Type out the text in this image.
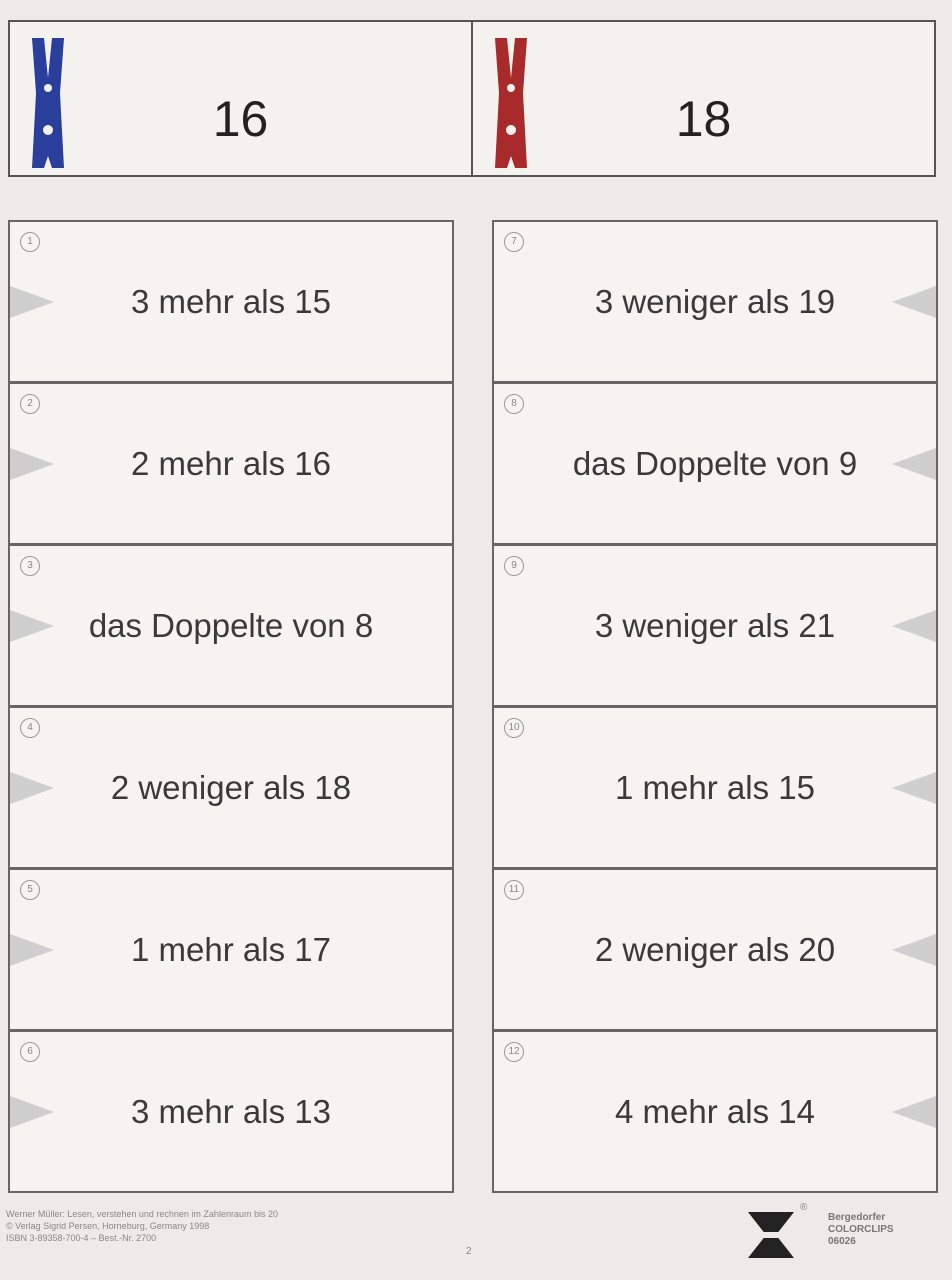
16	18
1
3 mehr als 15
2
2 mehr als 16
3
das Doppelte von 8
4
2 weniger als 18
5
1 mehr als 17
6
3 mehr als 13
7
3 weniger als 19
8
das Doppelte von 9
9
3 weniger als 21
10
1 mehr als 15
11
2 weniger als 20
12
4 mehr als 14
Werner Müller: Lesen, verstehen und rechnen im Zahlenraum bis 20
© Verlag Sigrid Persen, Horneburg, Germany 1998
ISBN 3-89358-700-4 – Best.-Nr. 2700
2
®
Bergedorfer
COLORCLIPS
06026
